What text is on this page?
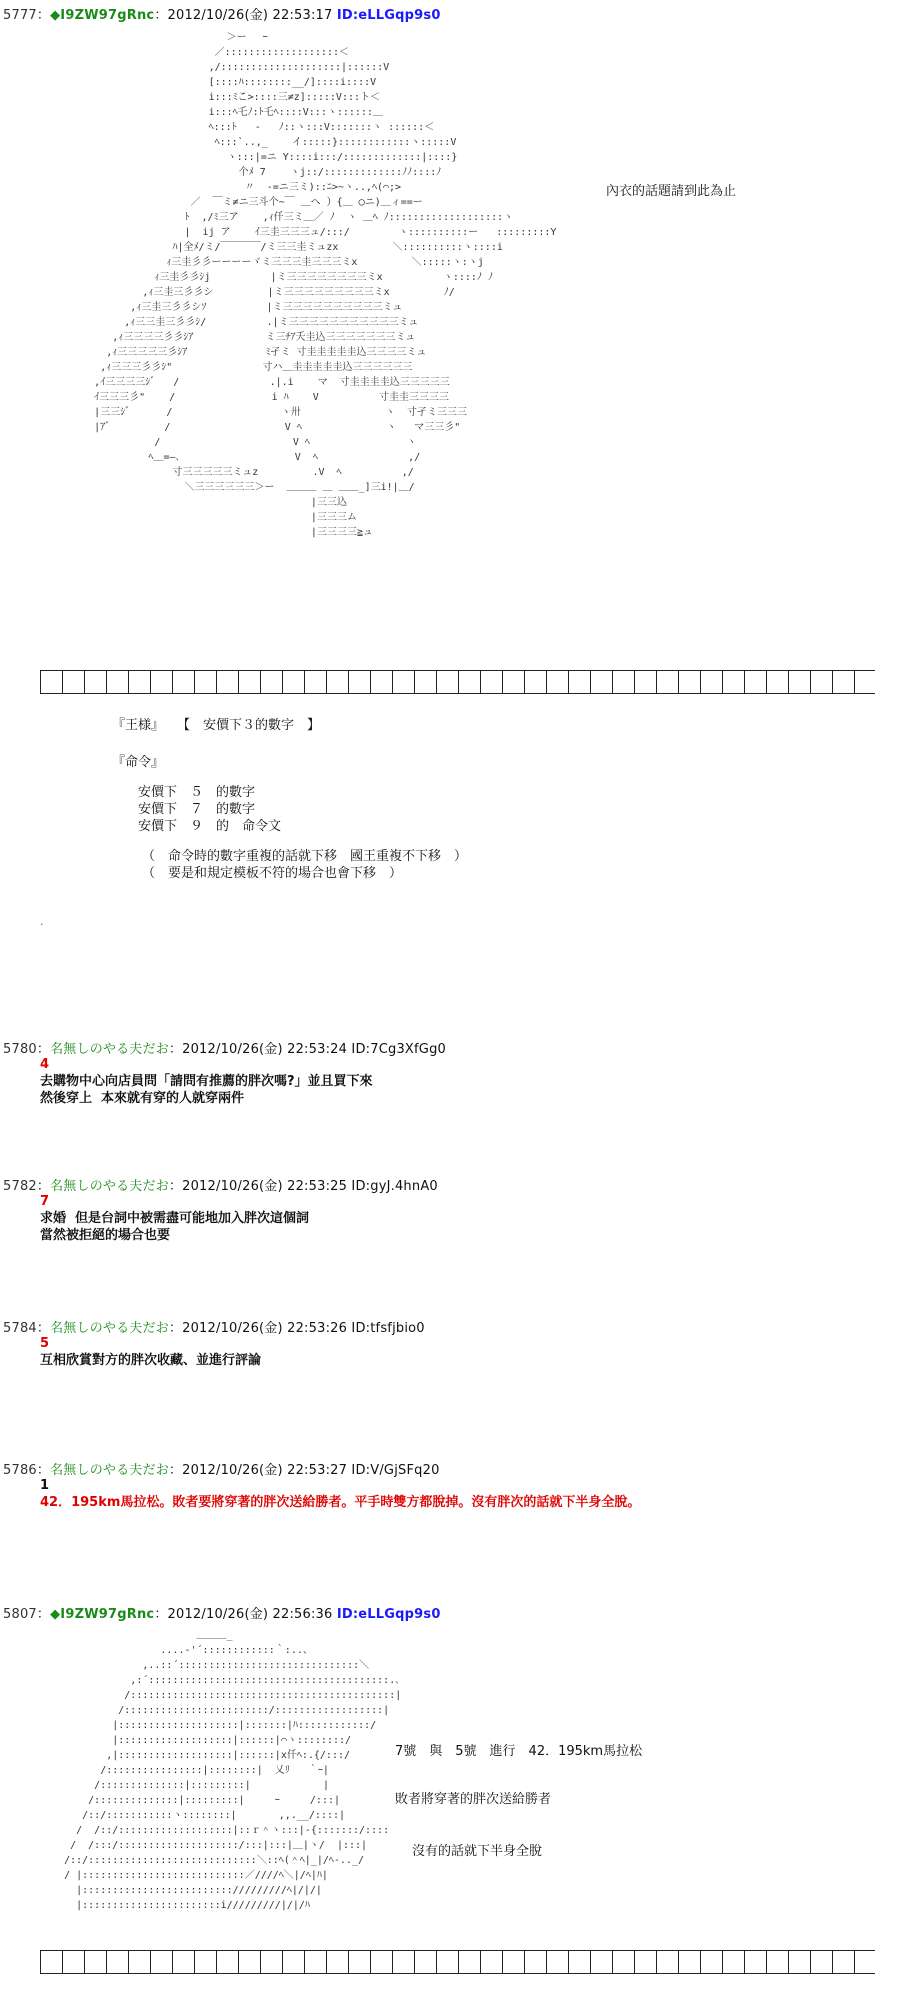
5777：◆I9ZW97gRnc：2012/10/26(金) 22:53:17 ID:eLLGqp9s0
＞ー　 ｰ
／:::::::::::::::::::＜
,/::::::::::::::::::::|::::::V
[::::ﾊ::::::::__/]::::i::::V
i:::ﾐこ>::::三≠z]:::::V:::ト＜
i:::ﾍ乇ﾉ:ﾄ乇ﾍ::::V:::ヽ::::::＿
ﾍ:::ﾄ   ‐   ﾉ::ヽ:::V:::::::ヽ ::::::＜
ﾍ:::`..,_    イ:::::}::::::::::::ヽ:::::V
ヽ:::|=ニ Y::::i:::/:::::::::::::|::::}
个ﾒ 7    ヽj::/:::::::::::::ﾉﾉ::::ﾉ
〃  -=ニ三ミ)::ﾆ>~ヽ..,ﾍ(⌒;>
／  ￣ミ≠ニ三斗个~￣ ＿へ ）{＿ ◯ニ)＿ィ==ー
ﾄ  ,/ﾐ三ア    ,ｨ仟三ミ＿／ ﾉ  ヽ ＿ﾍ ﾉ:::::::::::::::::::ヽ
|  ij ア    ｲ三圭三三三ュ/:::/        ヽ::::::::::ー   :::::::::Y
ﾊ|全ﾒ/ミ/￣￣￣￣/ミ三三圭ミュzx         ＼::::::::::ヽ::::i
ｨ三圭彡彡ーーーーヾミ三三三圭三三三ミx         ＼:::::ヽ:ヽj
ｨ三圭彡彡ｼj          |ミ三三三三三三三三ミx          ヽ::::ﾉ ﾉ
,ｨ三圭三彡彡シ         |ミ三三三三三三三三三ミx         ﾉ/
,ｨ三圭三彡彡シｿ          |ミ三三三三三三三三三三ミュ
,ｨ三三圭三彡彡ｼ/          .|ミ三三三三三三三三三三三ミュ
,ｨ三三三三彡彡ｼｱ            ミ三ﾁｱ夭圭込三三三三三三三ミュ
,ｨ三三三三三彡ｼｱ             ﾐ孑ミ 寸圭圭圭圭圭込三三三三ミュ
,ｨ三三三彡彡ｼ"               寸ハ＿圭圭圭圭圭込三三三三三三
,ｲ三三三三ｼﾞ   /               .|.i    マ  寸圭圭圭圭込三三三三三
ｲ三三三彡"    /                i ﾊ    V          寸圭圭三三三三
|三三ｼﾞ      /                  ヽ卅              ヽ  寸孑ミ三三三
|ｱﾞ         /                   V ﾍ              ヽ   マ三三彡"
/                      V ﾍ                ヽ
ﾍ＿=―､                   V  ﾍ               ,/
寸三三三三三ミュz         .V  ﾍ          ,/
＼三三三三三三＞ー  ＿＿＿ ＿ ＿＿_]三i!|＿/
|三三込
|三三三ム
|三三三三≧ュ
內衣的話題請到此為止
『王様』　　【　安價下３的數字　】
『命令』
　　安價下　５　的數字
　　安價下　７　的數字
　　安價下　９　的　命令文
（　命令時的數字重複的話就下移　國王重複不下移　）
（　要是和規定模板不符的場合也會下移　）
.
5780：名無しのやる夫だお：2012/10/26(金) 22:53:24 ID:7Cg3XfGg0
4
去購物中心向店員問「請問有推薦的胖次嗎?」並且買下來
然後穿上  本來就有穿的人就穿兩件
5782：名無しのやる夫だお：2012/10/26(金) 22:53:25 ID:gyJ.4hnA0
7
求婚  但是台詞中被需盡可能地加入胖次這個詞
當然被拒絕的場合也要
5784：名無しのやる夫だお：2012/10/26(金) 22:53:26 ID:tfsfjbio0
5
互相欣賞對方的胖次收藏、並進行評論
5786：名無しのやる夫だお：2012/10/26(金) 22:53:27 ID:V/GjSFq20
1
42．195km馬拉松。敗者要將穿著的胖次送給勝者。平手時雙方都脫掉。沒有胖次的話就下半身全脫。
5807：◆I9ZW97gRnc：2012/10/26(金) 22:56:36 ID:eLLGqp9s0
＿＿＿_
....‐'´::::::::::::｀:..、
,..::´::::::::::::::::::::::::::::::＼
,:´::::::::::::::::::::::::::::::::::::::::.､
/::::::::::::::::::::::::::::::::::::::::::::|
/::::::::::::::::::::::::/::::::::::::::::::|
|::::::::::::::::::::|:::::::|ﾊ::::::::::::/
|:::::::::::::::::::|::::::|⌒ヽ::::::::/
,|:::::::::::::::::::|::::::|x仟ﾍ:.{/:::/
/::::::::::::::::|::::::::|  乂ﾘ   ｀ｰ|
/::::::::::::::|:::::::::|            |
/::::::::::::::|:::::::::|     ｰ     /:::|
/::/:::::::::::ヽ::::::::|       ,,.__/::::|
/  /::/:::::::::::::::::::|::ｒ＾ヽ:::|-{:::::::/::::
/  /:::/::::::::::::::::::::/:::|:::|＿|ヽ/  |:::|
/::/::::::::::::::::::::::::::::＼::ﾍ(＾ﾍ|_|/ﾍ-.._/
/ |:::::::::::::::::::::::::::／////ﾍ＼|/ﾍ|ﾊ|
|::::::::::::::::::::::::://///////ﾍ|/|/|
|:::::::::::::::::::::::i/////////|/|/ﾊ
7號　與　5號　進行　42．195km馬拉松
敗者將穿著的胖次送給勝者
沒有的話就下半身全脫
